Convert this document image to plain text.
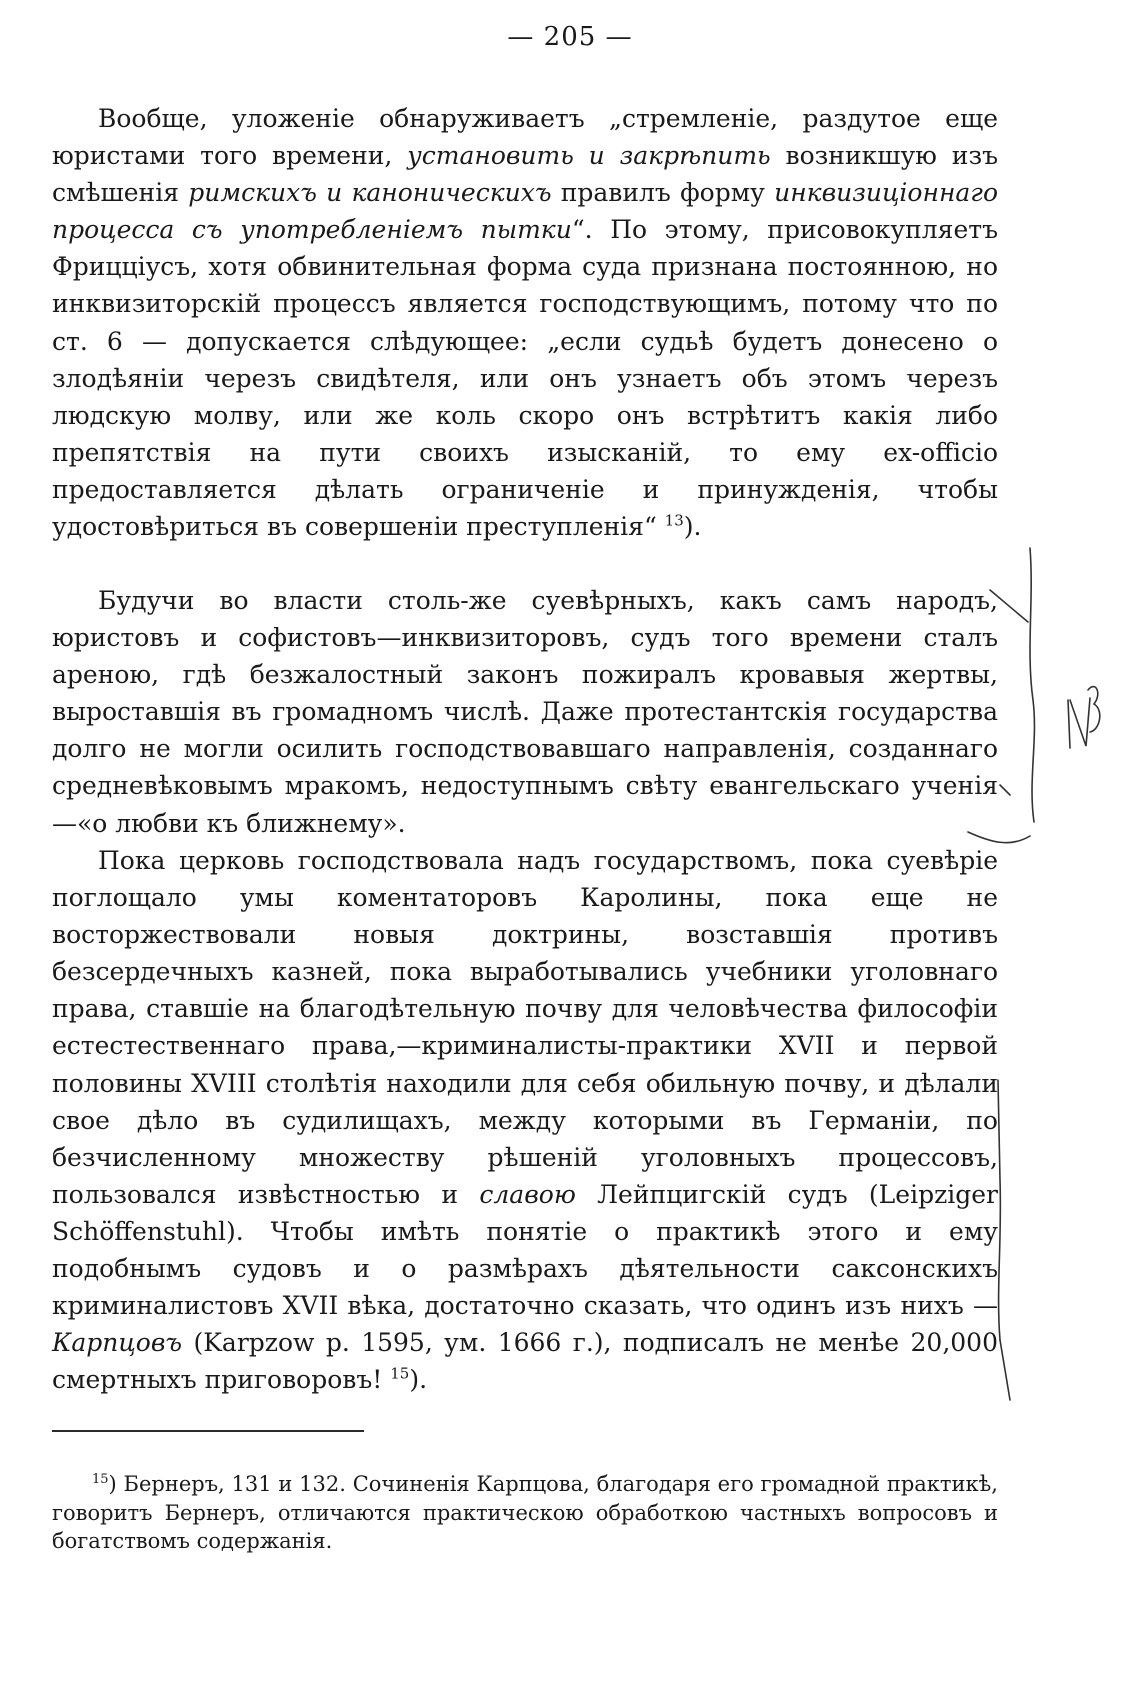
— 205 —

Вообще, уложеніе обнаруживаетъ „стремленіе, раздутое еще юристами того времени, установить и закрѣпить возникшую изъ смѣшенія римскихъ и каноническихъ правилъ форму инквизиціоннаго процесса съ употребленіемъ пытки“. По этому, присовокупляетъ Фрицціусъ, хотя обвинительная форма суда признана постоянною, но инквизиторскій процессъ является господствующимъ, потому что по ст. 6 — допускается слѣдующее: „если судьѣ будетъ донесено о злодѣяніи черезъ свидѣтеля, или онъ узнаетъ объ этомъ черезъ людскую молву, или же коль скоро онъ встрѣтитъ какія либо препятствія на пути своихъ изысканій, то ему ex-officio предоставляется дѣлать ограниченіе и принужденія, чтобы удостовѣриться въ совершеніи преступленія“ $^{13}$).

Будучи во власти столь-же суевѣрныхъ, какъ самъ народъ, юристовъ и софистовъ—инквизиторовъ, судъ того времени сталъ ареною, гдѣ безжалостный законъ пожиралъ кровавыя жертвы, выроставшія въ громадномъ числѣ. Даже протестантскія государства долго не могли осилить господствовавшаго направленія, созданнаго средневѣковымъ мракомъ, недоступнымъ свѣту евангельскаго ученія—«о любви къ ближнему».

Пока церковь господствовала надъ государствомъ, пока суевѣріе поглощало умы коментаторовъ Каролины, пока еще не восторжествовали новыя доктрины, возставшія противъ безсердечныхъ казней, пока выработывались учебники уголовнаго права, ставшіе на благодѣтельную почву для человѣчества философіи естестественнаго права,—криминалисты-практики XVII и первой половины XVIII столѣтія находили для себя обильную почву, и дѣлали свое дѣло въ судилищахъ, между которыми въ Германіи, по безчисленному множеству рѣшеній уголовныхъ процессовъ, пользовался извѣстностью и славою Лейпцигскій судъ (Leipziger Schöffenstuhl). Чтобы имѣть понятіе о практикѣ этого и ему подобнымъ судовъ и о размѣрахъ дѣятельности саксонскихъ криминалистовъ XVII вѣка, достаточно сказать, что одинъ изъ нихъ — Карпцовъ (Karpzow р. 1595, ум. 1666 г.), подписалъ не менѣе 20,000 смертныхъ приговоровъ! $^{15}$).

$^{15}$) Бернеръ, 131 и 132. Сочиненія Карпцова, благодаря его громадной практикѣ, говоритъ Бернеръ, отличаются практическою обработкою частныхъ вопросовъ и богатствомъ содержанія.
